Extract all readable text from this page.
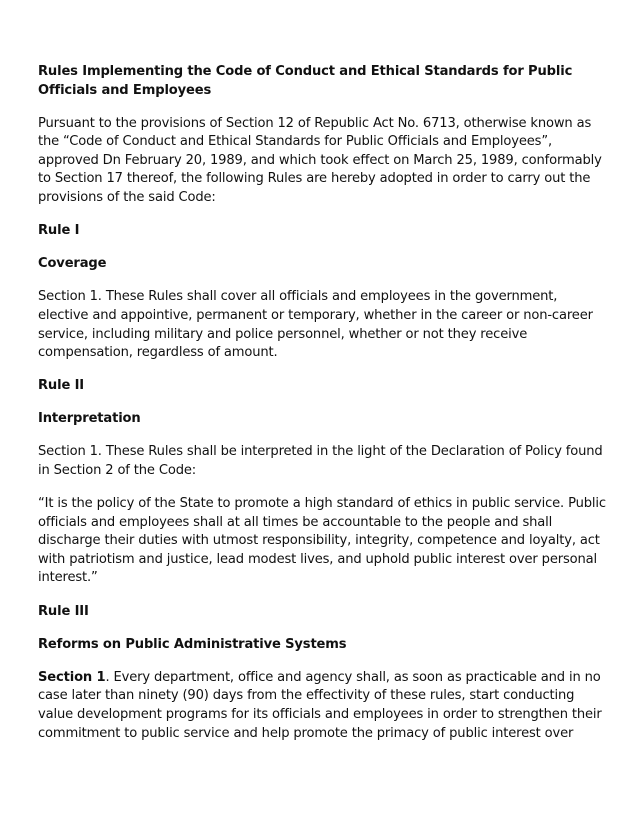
Rules Implementing the Code of Conduct and Ethical Standards for Public Officials and Employees
Pursuant to the provisions of Section 12 of Republic Act No. 6713, otherwise known as the “Code of Conduct and Ethical Standards for Public Officials and Employees”, approved Dn February 20, 1989, and which took effect on March 25, 1989, conformably to Section 17 thereof, the following Rules are hereby adopted in order to carry out the provisions of the said Code:
Rule I
Coverage
Section 1. These Rules shall cover all officials and employees in the government, elective and appointive, permanent or temporary, whether in the career or non-career service, including military and police personnel, whether or not they receive compensation, regardless of amount.
Rule II
Interpretation
Section 1. These Rules shall be interpreted in the light of the Declaration of Policy found in Section 2 of the Code:
“It is the policy of the State to promote a high standard of ethics in public service. Public officials and employees shall at all times be accountable to the people and shall discharge their duties with utmost responsibility, integrity, competence and loyalty, act with patriotism and justice, lead modest lives, and uphold public interest over personal interest.”
Rule III
Reforms on Public Administrative Systems
Section 1. Every department, office and agency shall, as soon as practicable and in no case later than ninety (90) days from the effectivity of these rules, start conducting value development programs for its officials and employees in order to strengthen their commitment to public service and help promote the primacy of public interest over
